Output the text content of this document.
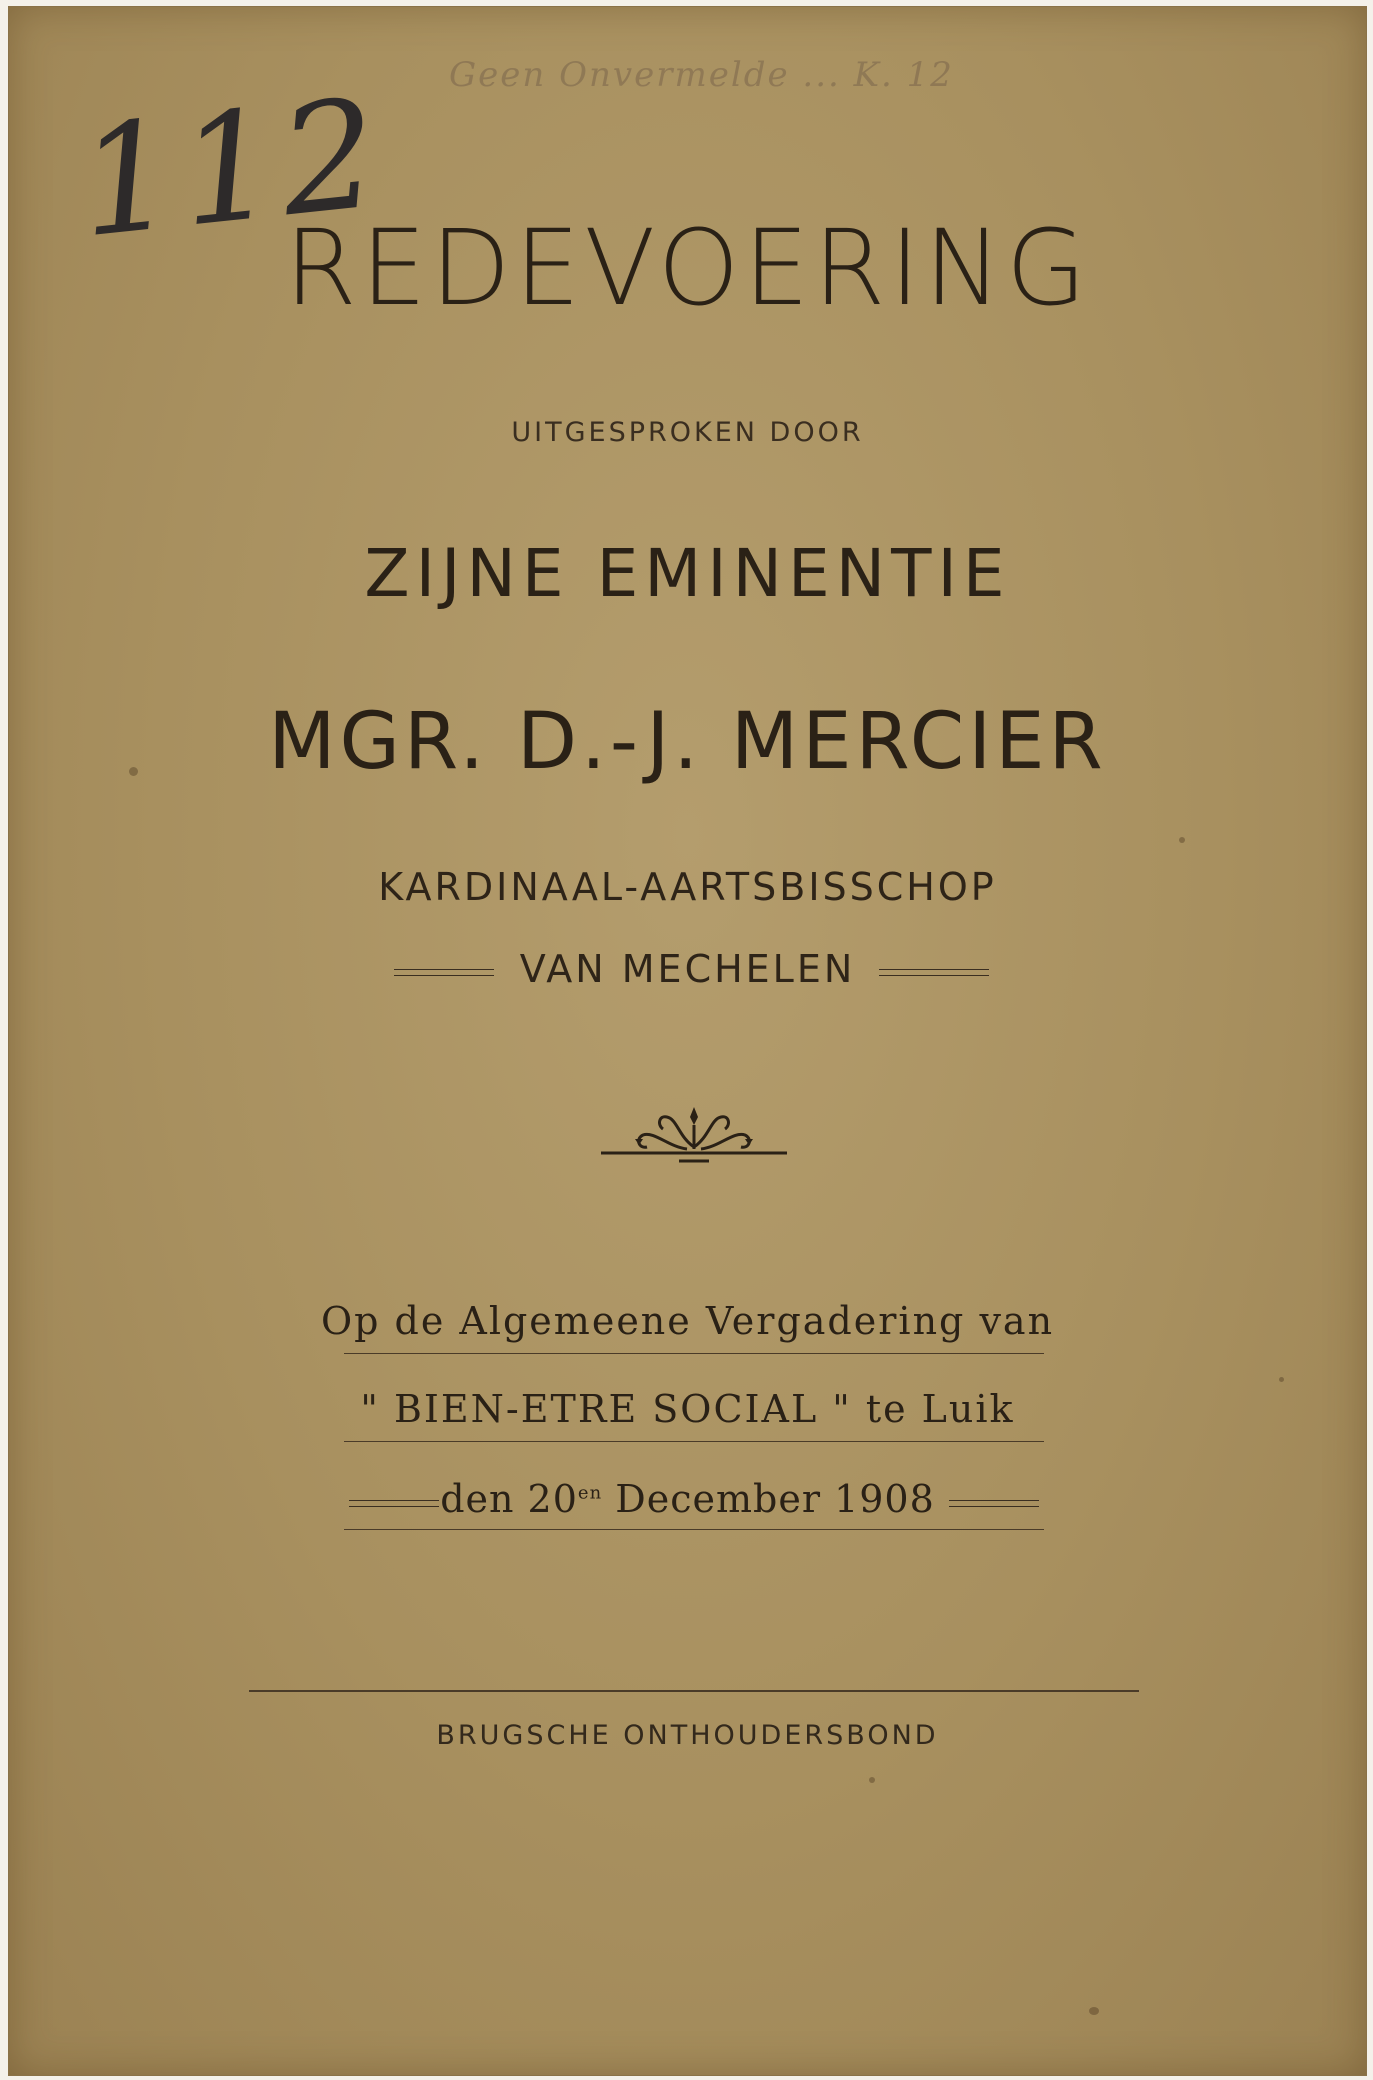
Geen Onvermelde ... K. 12
112
REDEVOERING
UITGESPROKEN DOOR
ZIJNE EMINENTIE
MGR. D.-J. MERCIER
KARDINAAL-AARTSBISSCHOP
VAN MECHELEN
Op de Algemeene Vergadering van
" BIEN-ETRE SOCIAL " te Luik
den $20^{en}$ December 1908
BRUGSCHE ONTHOUDERSBOND
